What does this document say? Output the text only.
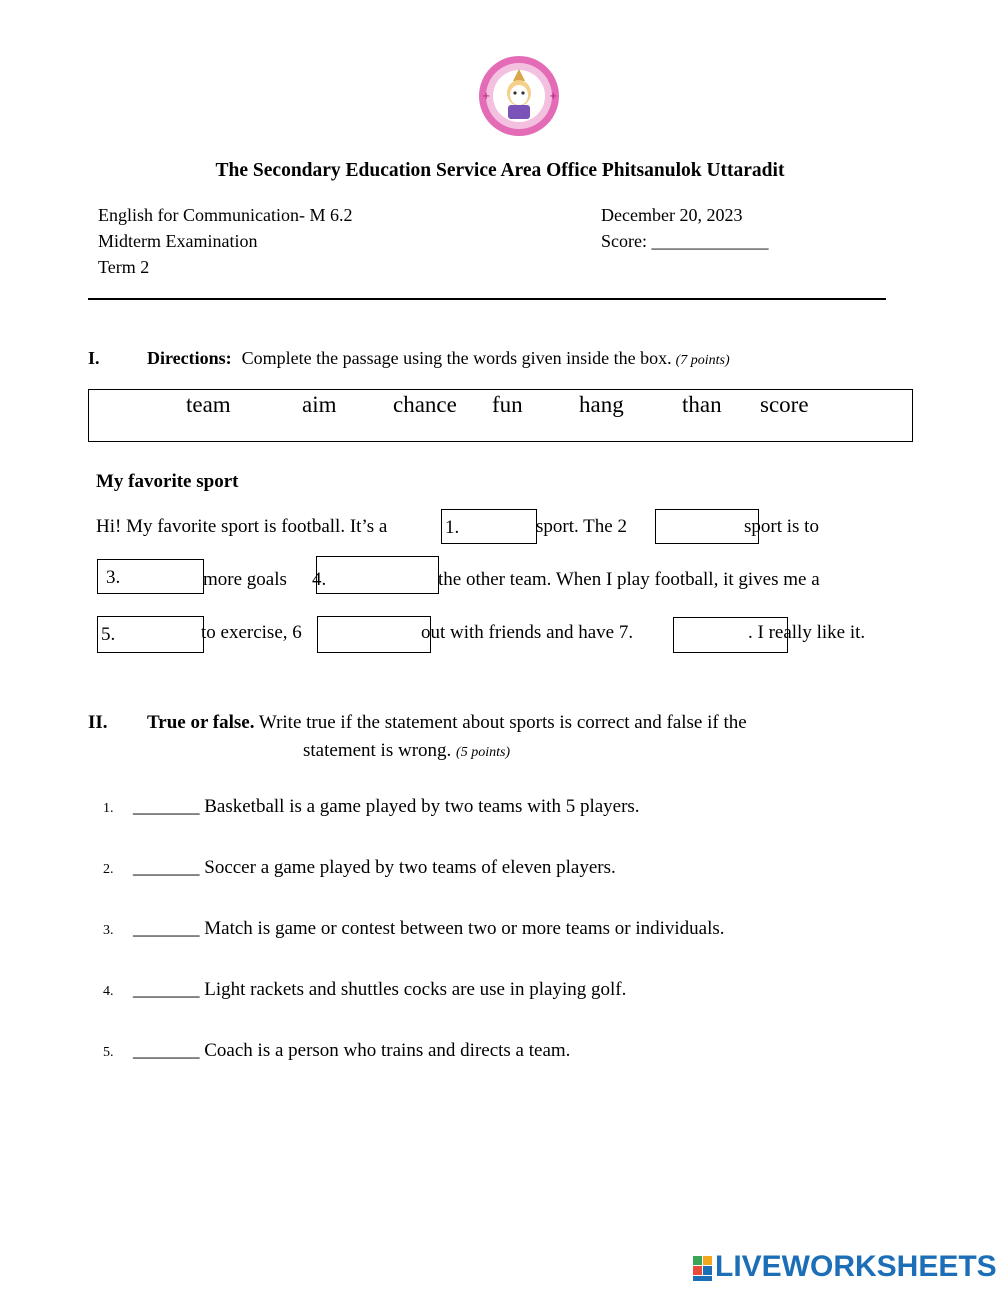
+	+
The Secondary Education Service Area Office Phitsanulok Uttaradit
English for Communication- M 6.2
Midterm Examination
Term 2
December 20, 2023
Score: _____________
I.	Directions: Complete the passage using the words given inside the box. (7 points)
team	aim chance fun hang	than score
My favorite sport
Hi! My favorite sport is football. It’s a	1.	sport. The 2	sport is to
3.	more goals 4.	the other team. When I play football, it gives me a
5.	to exercise, 6	out with friends and have 7.	. I really like it.
II. True or false. Write true if the statement about sports is correct and false if the
statement is wrong. (5 points)
1. _______ Basketball is a game played by two teams with 5 players.
2. _______ Soccer a game played by two teams of eleven players.
3. _______ Match is game or contest between two or more teams or individuals.
4. _______ Light rackets and shuttles cocks are use in playing golf.
5. _______ Coach is a person who trains and directs a team.
LIVEWORKSHEETS
